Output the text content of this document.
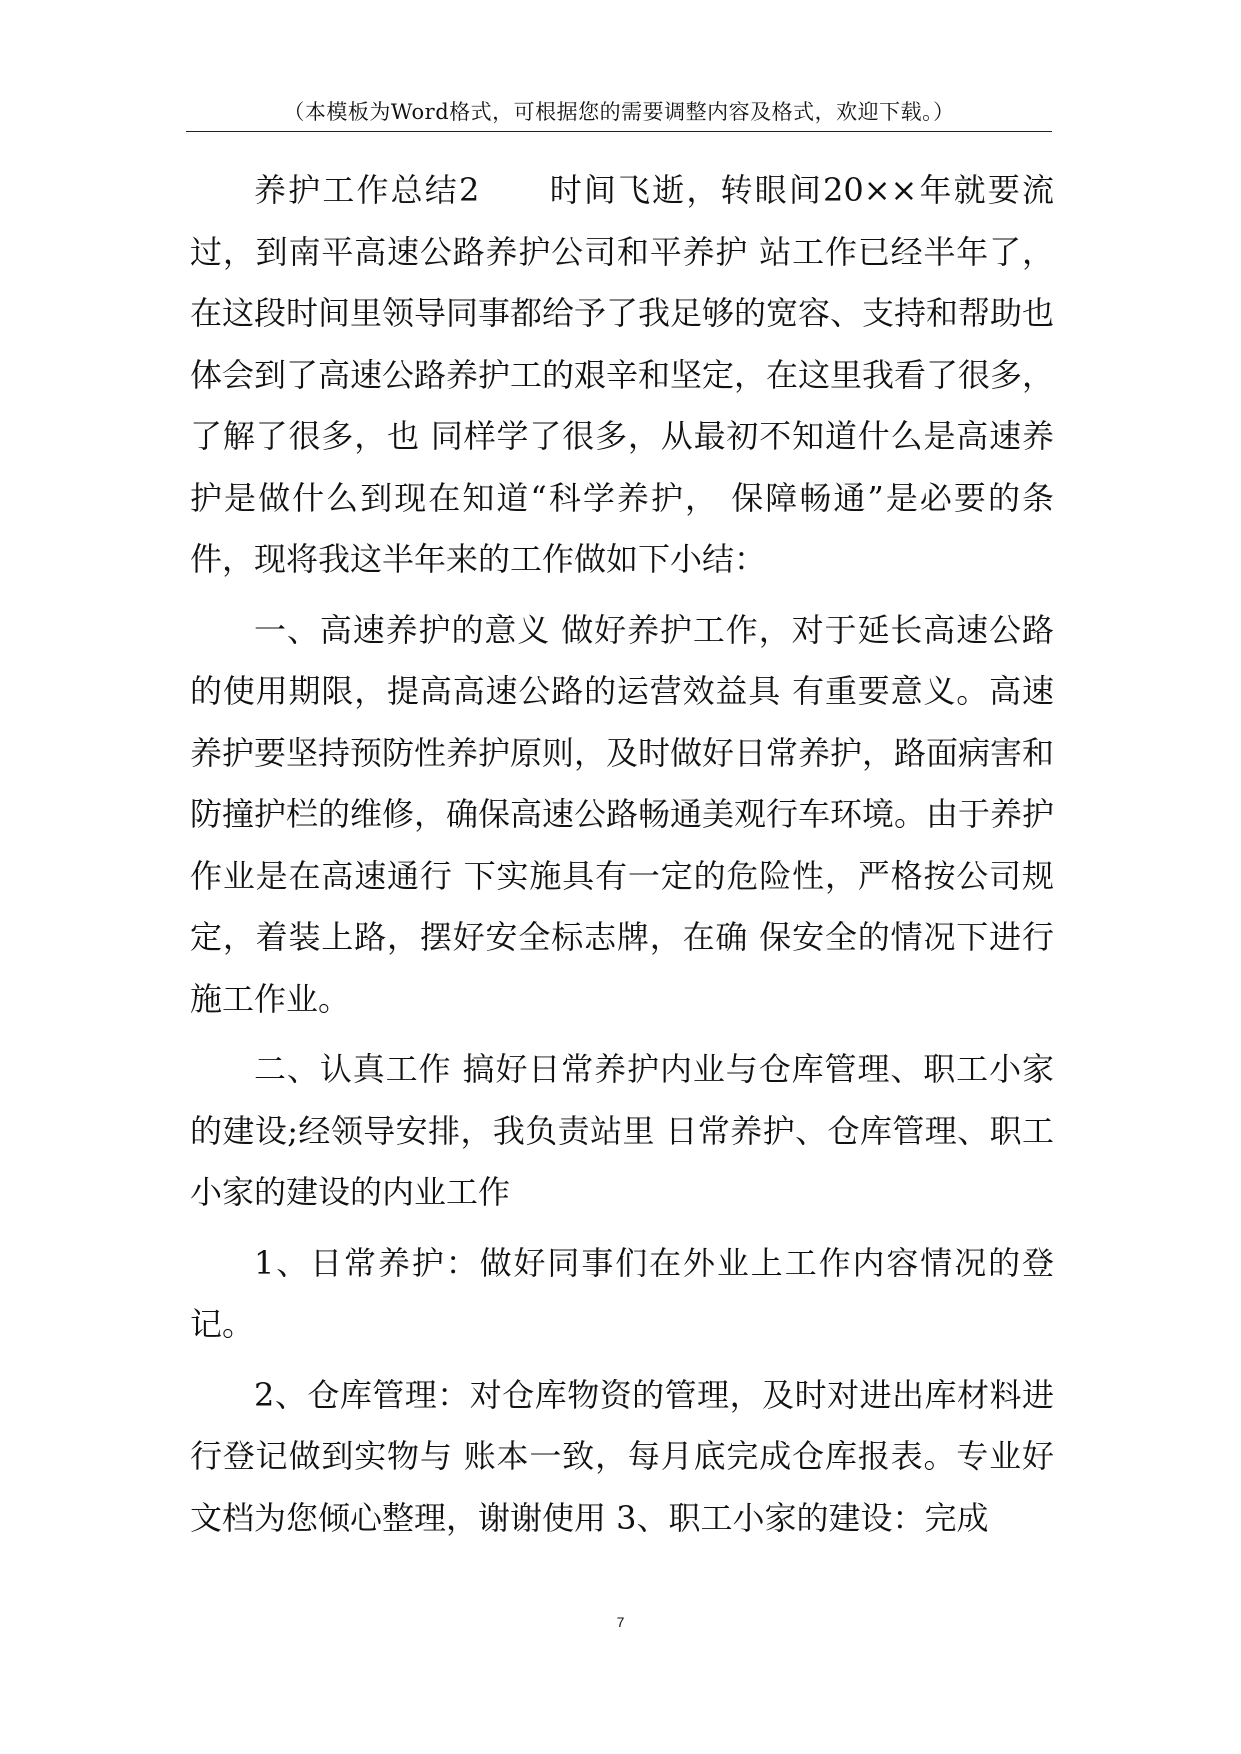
（本模板为Word格式，可根据您的需要调整内容及格式，欢迎下载。）

养护工作总结2　　时间飞逝，转眼间20××年就要流过，到南平高速公路养护公司和平养护 站工作已经半年了，在这段时间里领导同事都给予了我足够的宽容、支持和帮助也体会到了高速公路养护工的艰辛和坚定，在这里我看了很多，了解了很多，也 同样学了很多，从最初不知道什么是高速养护是做什么到现在知道“科学养护， 保障畅通”是必要的条件，现将我这半年来的工作做如下小结：

一、高速养护的意义 做好养护工作，对于延长高速公路的使用期限，提高高速公路的运营效益具 有重要意义。高速养护要坚持预防性养护原则，及时做好日常养护，路面病害和 防撞护栏的维修，确保高速公路畅通美观行车环境。由于养护作业是在高速通行 下实施具有一定的危险性，严格按公司规定，着装上路，摆好安全标志牌，在确 保安全的情况下进行施工作业。

二、认真工作 搞好日常养护内业与仓库管理、职工小家的建设;经领导安排，我负责站里 日常养护、仓库管理、职工小家的建设的内业工作

1、日常养护：做好同事们在外业上工作内容情况的登记。

2、仓库管理：对仓库物资的管理，及时对进出库材料进行登记做到实物与 账本一致，每月底完成仓库报表。专业好文档为您倾心整理，谢谢使用 3、职工小家的建设：完成

7
